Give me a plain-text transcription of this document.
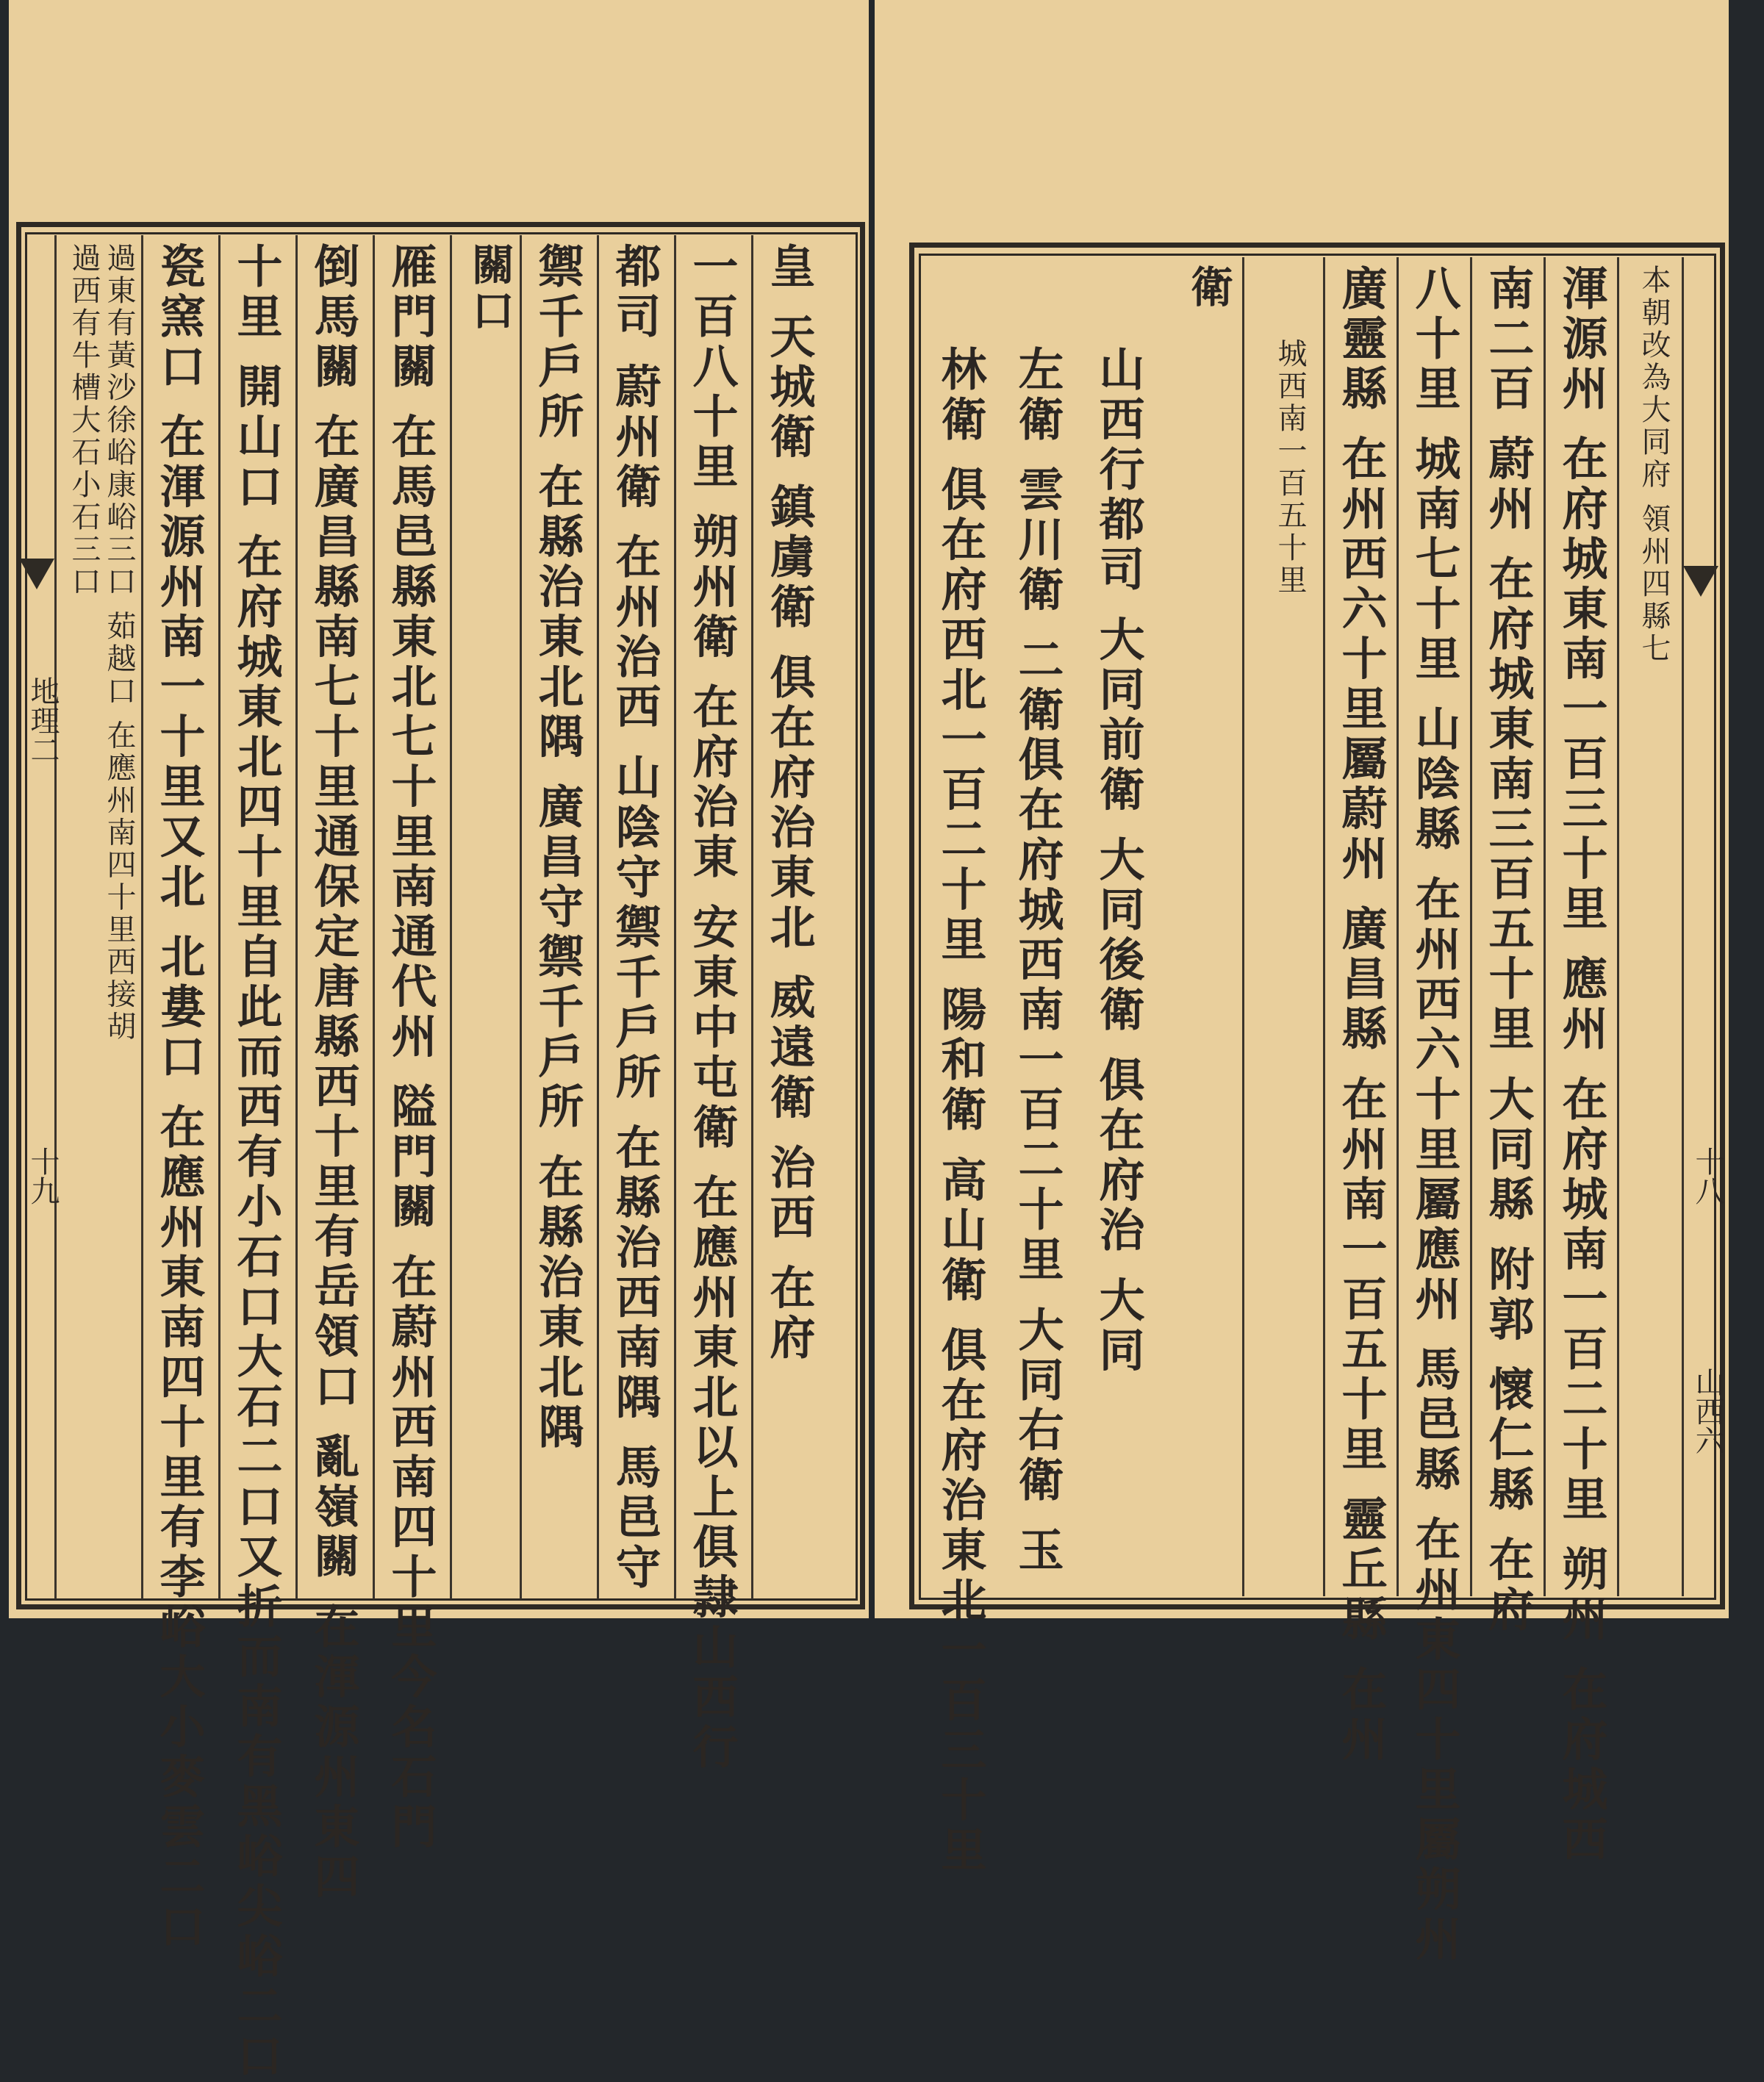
皇 天城衛 鎮虜衛 俱在府治東北 威遠衛 治西 在府
一百八十里 朔州衛 在府治東 安東中屯衛 在應州東北以上俱隷山西行
都司 蔚州衛 在州治西 山陰守禦千戶所 在縣治西南隅 馬邑守
禦千戶所 在縣治東北隅 廣昌守禦千戶所 在縣治東北隅
關口
雁門關 在馬邑縣東北七十里南通代州 隘門關 在蔚州西南四十里今名石門
倒馬關 在廣昌縣南七十里通保定唐縣西十里有岳領口 亂嶺關 在渾源州東四
十里 開山口 在府城東北四十里自此而西有小石口大石二口又折而南有黑峪尖峪二口
瓷窯口 在渾源州南一十里又北 北婁口 在應州東南四十里有李峪大小麥雲二口
過東有黃沙徐峪康峪三口 茹越口 在應州南四十里西接胡
過西有牛槽大石小石三口
地理二
十九
山西六
十八
本朝改為大同府 領州四縣七
渾源州 在府城東南一百三十里 應州 在府城南一百二十里 朔州 在府城西
南二百 蔚州 在府城東南三百五十里 大同縣 附郭 懷仁縣 在府
八十里 城南七十里 山陰縣 在州西六十里屬應州 馬邑縣 在州東四十里屬朔州
廣靈縣 在州西六十里屬蔚州 廣昌縣 在州南一百五十里 靈丘縣 在州
城西南一百五十里
衛
山西行都司 大同前衛 大同後衛 俱在府治 大同
左衛 雲川衛 二衛俱在府城西南一百二十里 大同右衛 玉
林衛 俱在府西北一百二十里 陽和衛 高山衛 俱在府治東北一百三十里
